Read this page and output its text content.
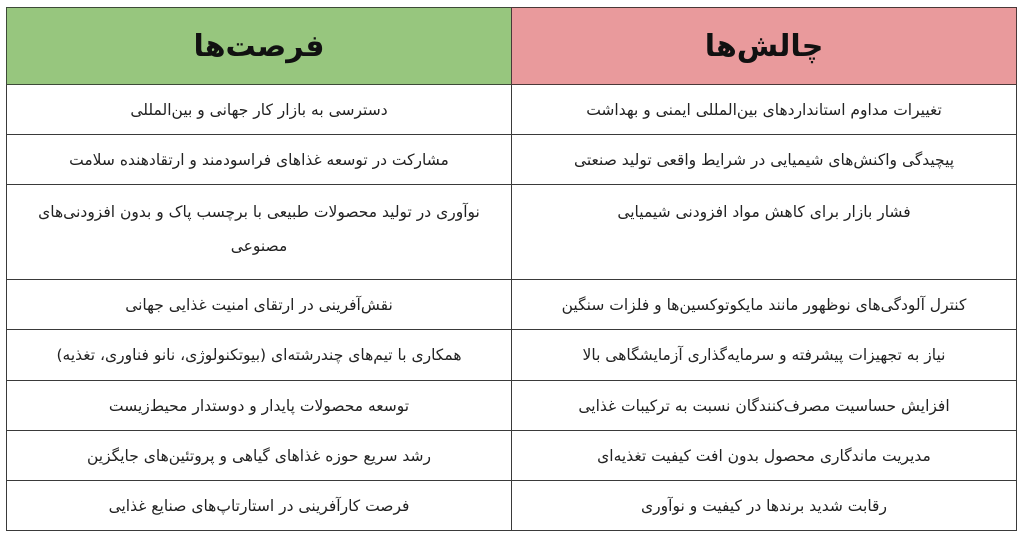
چالش‌ها	فرصت‌ها
تغییرات مداوم استانداردهای بین‌المللی ایمنی و بهداشت	دسترسی به بازار کار جهانی و بین‌المللی
پیچیدگی واکنش‌های شیمیایی در شرایط واقعی تولید صنعتی	مشارکت در توسعه غذاهای فراسودمند و ارتقادهنده سلامت
فشار بازار برای کاهش مواد افزودنی شیمیایی	نوآوری در تولید محصولات طبیعی با برچسب پاک و بدون افزودنی‌های مصنوعی
کنترل آلودگی‌های نوظهور مانند مایکوتوکسین‌ها و فلزات سنگین	نقش‌آفرینی در ارتقای امنیت غذایی جهانی
نیاز به تجهیزات پیشرفته و سرمایه‌گذاری آزمایشگاهی بالا	همکاری با تیم‌های چندرشته‌ای (بیوتکنولوژی، نانو فناوری، تغذیه)
افزایش حساسیت مصرف‌کنندگان نسبت به ترکیبات غذایی	توسعه محصولات پایدار و دوستدار محیط‌زیست
مدیریت ماندگاری محصول بدون افت کیفیت تغذیه‌ای	رشد سریع حوزه غذاهای گیاهی و پروتئین‌های جایگزین
رقابت شدید برندها در کیفیت و نوآوری	فرصت کارآفرینی در استارتاپ‌های صنایع غذایی
